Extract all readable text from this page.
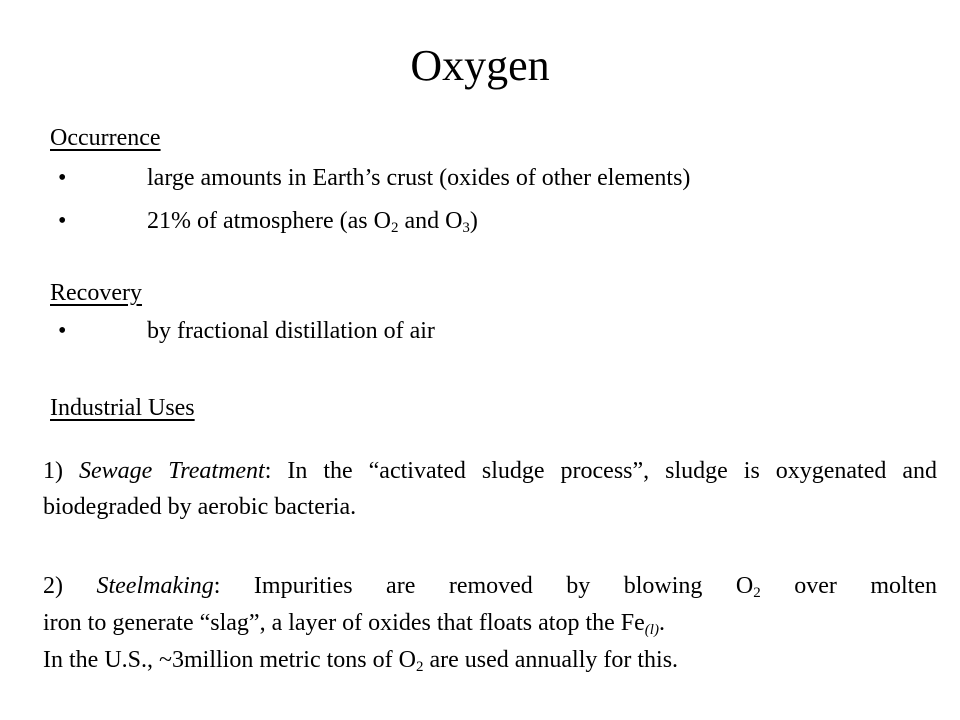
Oxygen
Occurrence
•	large amounts in Earth’s crust (oxides of other elements)
•	21% of atmosphere (as $O_2$ and $O_3$)
Recovery
•	by fractional distillation of air
Industrial Uses
1) Sewage Treatment: In the “activated sludge process”, sludge is oxygenated and biodegraded by aerobic bacteria.
2) Steelmaking: Impurities are removed by blowing $O_2$ over molten
iron to generate “slag”, a layer of oxides that floats atop the $Fe_{(l)}$.
In the U.S., ~3million metric tons of $O_2$ are used annually for this.
